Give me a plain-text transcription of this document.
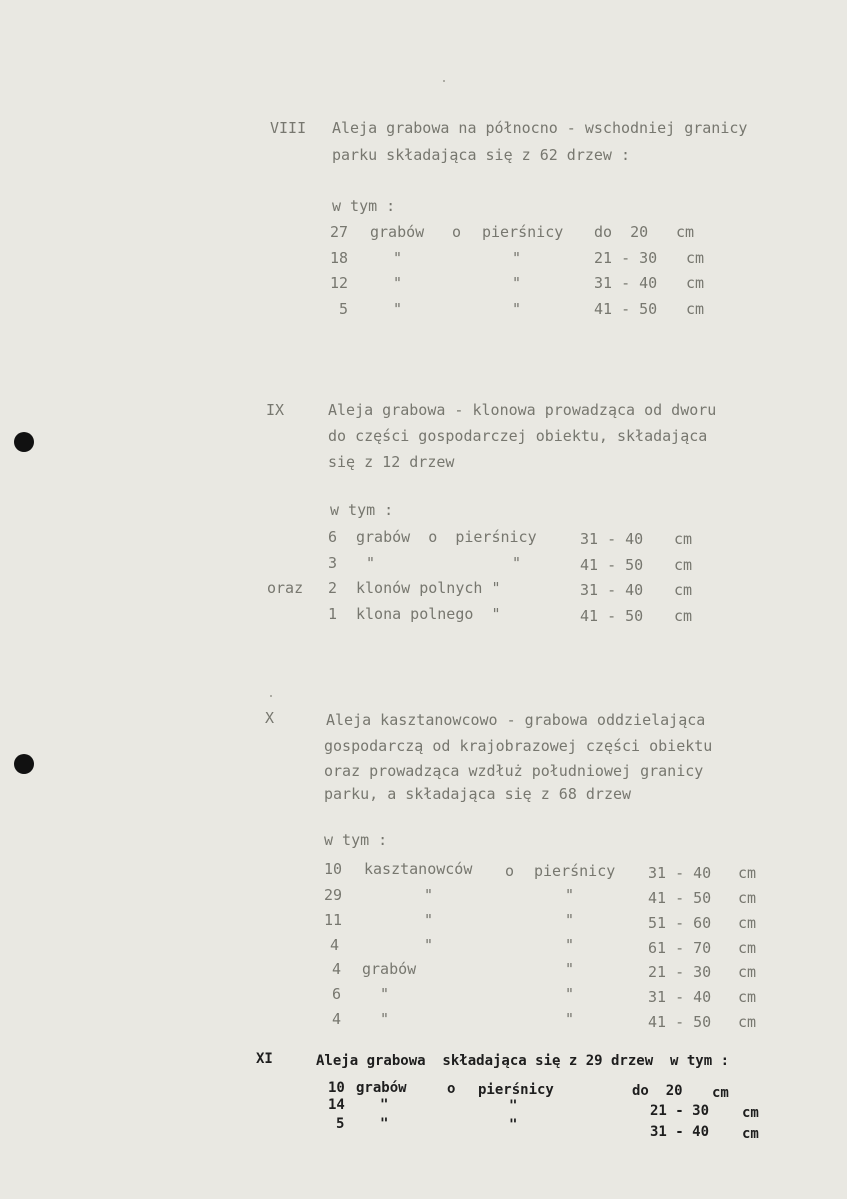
VIII Aleja grabowa na północno - wschodniej granicy
parku składająca się z 62 drzew :
w tym :
27 grabów o pierśnicy do  20 cm
18	"	"	21 - 30 cm
12	"	"	31 - 40 cm
5	"	"	41 - 50 cm
IX	Aleja grabowa - klonowa prowadząca od dworu
do części gospodarczej obiektu, składająca
się z 12 drzew
w tym :
6 grabów  o  pierśnicy	31 - 40 cm
3 "	"	41 - 50 cm
oraz 2 klonów polnych "	31 - 40 cm
1 klona polnego  "	41 - 50 cm
X	Aleja kasztanowcowo - grabowa oddzielająca
gospodarczą od krajobrazowej części obiektu
oraz prowadząca wzdłuż południowej granicy
parku, a składająca się z 68 drzew
w tym :
10 kasztanowców o pierśnicy 31 - 40 cm
29	"	"	41 - 50 cm
11	"	"	51 - 60 cm
4	"	"	61 - 70 cm
4 grabów	"	21 - 30 cm
6	"	"	31 - 40 cm
4	"	"	41 - 50 cm
XI	Aleja grabowa  składająca się z 29 drzew  w tym :
10 grabów	o pierśnicy	do  20 cm
14	"	"	21 - 30 cm
5	"	"	31 - 40 cm
